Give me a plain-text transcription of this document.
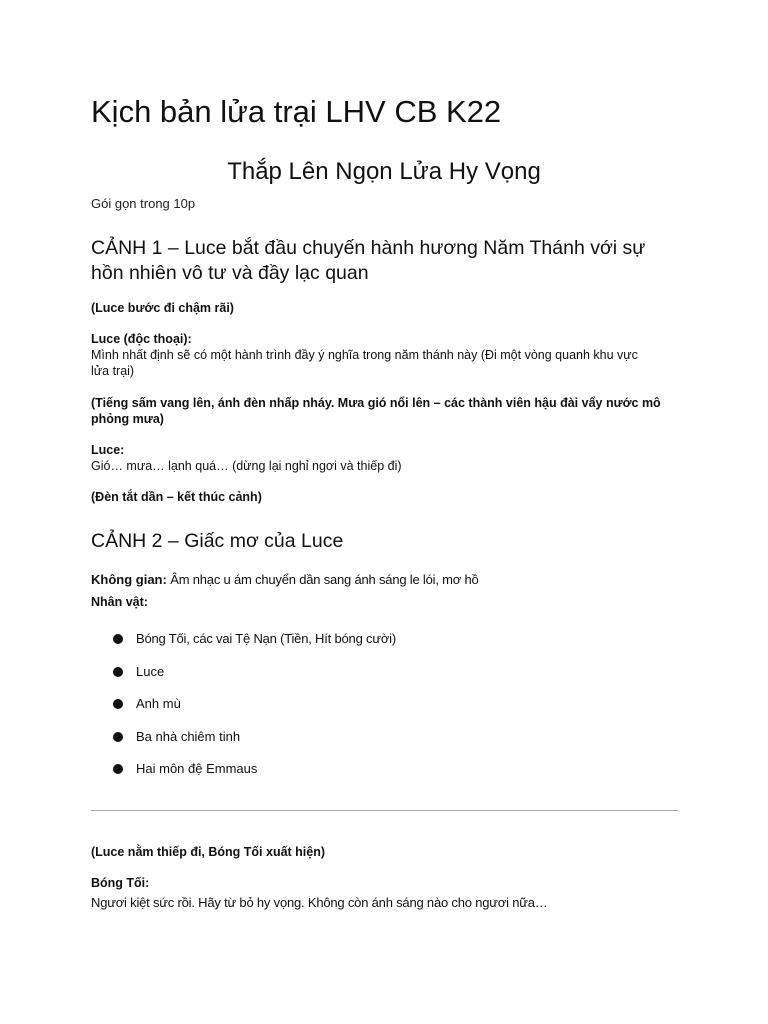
Kịch bản lửa trại LHV CB K22
Thắp Lên Ngọn Lửa Hy Vọng
Gói gọn trong 10p
CẢNH 1 – Luce bắt đầu chuyến hành hương Năm Thánh với sự
hồn nhiên vô tư và đầy lạc quan
(Luce bước đi chậm rãi)
Luce (độc thoại):
Mình nhất định sẽ có một hành trình đầy ý nghĩa trong năm thánh này (Đi một vòng quanh khu vực
lửa trại)
(Tiếng sấm vang lên, ánh đèn nhấp nháy. Mưa gió nổi lên – các thành viên hậu đài vẩy nước mô
phỏng mưa)
Luce:
Gió… mưa… lạnh quá… (dừng lại nghỉ ngơi và thiếp đi)
(Đèn tắt dần – kết thúc cảnh)
CẢNH 2 – Giấc mơ của Luce
Không gian: Âm nhạc u ám chuyển dần sang ánh sáng le lói, mơ hồ
Nhân vật:
Bóng Tối, các vai Tệ Nạn (Tiền, Hít bóng cười)
Luce
Anh mù
Ba nhà chiêm tinh
Hai môn đệ Emmaus
(Luce nằm thiếp đi, Bóng Tối xuất hiện)
Bóng Tối:
Ngươi kiệt sức rồi. Hãy từ bỏ hy vọng. Không còn ánh sáng nào cho ngươi nữa…
